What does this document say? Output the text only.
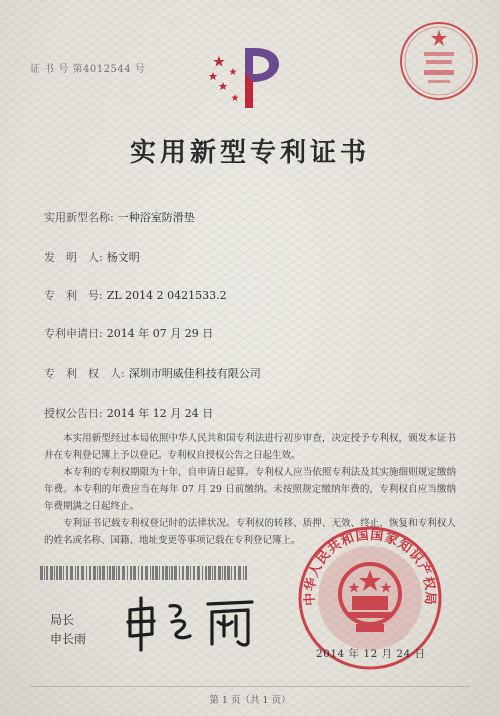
证 书 号 第4012544 号
实用新型专利证书
实用新型名称: 一种浴室防滑垫
发　明　人: 杨文明
专　利　号: ZL 2014 2 0421533.2
专利申请日: 2014 年 07 月 29 日
专　利　权　人: 深圳市明威佳科技有限公司
授权公告日: 2014 年 12 月 24 日

本实用新型经过本局依照中华人民共和国专利法进行初步审查，决定授予专利权，颁发本证书并在专利登记簿上予以登记。专利权自授权公告之日起生效。

本专利的专利权期限为十年，自申请日起算。专利权人应当依照专利法及其实施细则规定缴纳年费。本专利的年费应当在每年 07 月 29 日前缴纳。未按照规定缴纳年费的，专利权自应当缴纳年费期满之日起终止。

专利证书记载专利权登记时的法律状况。专利权的转移、质押、无效、终止、恢复和专利权人的姓名或名称、国籍、地址变更等事项记载在专利登记簿上。

局长
申长雨
中华人民共和国国家知识产权局
2014 年 12 月 24 日
第 1 页（共 1 页）
